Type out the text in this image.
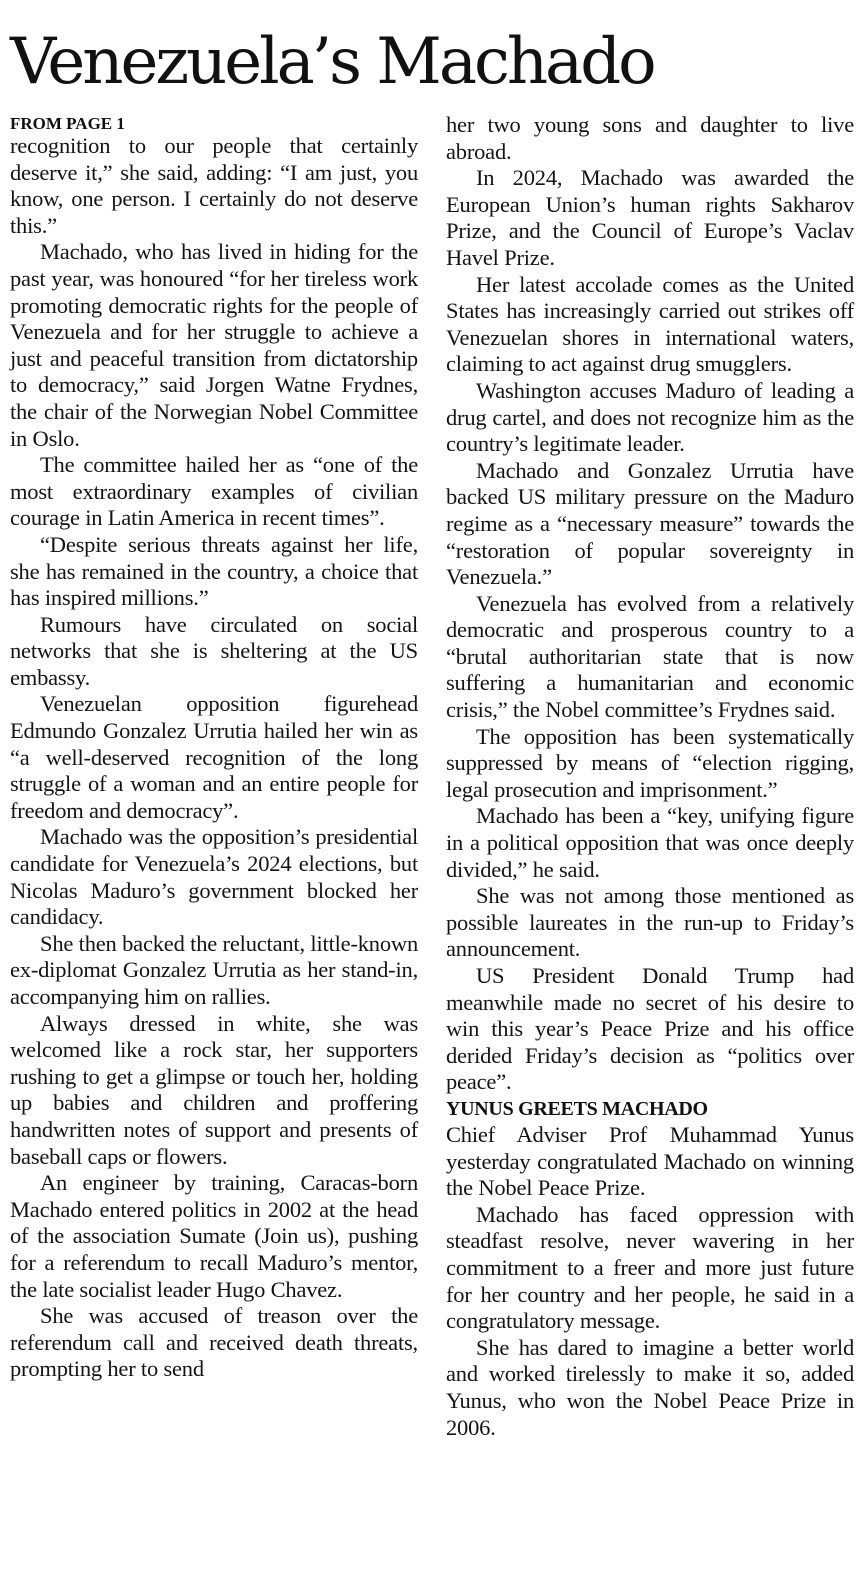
Venezuela’s Machado
FROM PAGE 1

recognition to our people that certainly deserve it,” she said, adding: “I am just, you know, one person. I certainly do not deserve this.”

Machado, who has lived in hiding for the past year, was honoured “for her tireless work promoting democratic rights for the people of Venezuela and for her struggle to achieve a just and peaceful transition from dictatorship to democracy,” said Jorgen Watne Frydnes, the chair of the Norwegian Nobel Committee in Oslo.

The committee hailed her as “one of the most extraordinary examples of civilian courage in Latin America in recent times”.

“Despite serious threats against her life, she has remained in the country, a choice that has inspired millions.”

Rumours have circulated on social networks that she is sheltering at the US embassy.

Venezuelan opposition figurehead Edmundo Gonzalez Urrutia hailed her win as “a well-deserved recognition of the long struggle of a woman and an entire people for freedom and democracy”.

Machado was the opposition’s presidential candidate for Venezuela’s 2024 elections, but Nicolas Maduro’s government blocked her candidacy.

She then backed the reluctant, little-known ex-diplomat Gonzalez Urrutia as her stand-in, accompanying him on rallies.

Always dressed in white, she was welcomed like a rock star, her supporters rushing to get a glimpse or touch her, holding up babies and children and proffering handwritten notes of support and presents of baseball caps or flowers.

An engineer by training, Caracas-born Machado entered politics in 2002 at the head of the association Sumate (Join us), pushing for a referendum to recall Maduro’s mentor, the late socialist leader Hugo Chavez.

She was accused of treason over the referendum call and received death threats, prompting her to send

her two young sons and daughter to live abroad.

In 2024, Machado was awarded the European Union’s human rights Sakharov Prize, and the Council of Europe’s Vaclav Havel Prize.

Her latest accolade comes as the United States has increasingly carried out strikes off Venezuelan shores in international waters, claiming to act against drug smugglers.

Washington accuses Maduro of leading a drug cartel, and does not recognize him as the country’s legitimate leader.

Machado and Gonzalez Urrutia have backed US military pressure on the Maduro regime as a “necessary measure” towards the “restoration of popular sovereignty in Venezuela.”

Venezuela has evolved from a relatively democratic and prosperous country to a “brutal authoritarian state that is now suffering a humanitarian and economic crisis,” the Nobel committee’s Frydnes said.

The opposition has been systematically suppressed by means of “election rigging, legal prosecution and imprisonment.”

Machado has been a “key, unifying figure in a political opposition that was once deeply divided,” he said.

She was not among those mentioned as possible laureates in the run-up to Friday’s announcement.

US President Donald Trump had meanwhile made no secret of his desire to win this year’s Peace Prize and his office derided Friday’s decision as “politics over peace”.

YUNUS GREETS MACHADO

Chief Adviser Prof Muhammad Yunus yesterday congratulated Machado on winning the Nobel Peace Prize.

Machado has faced oppression with steadfast resolve, never wavering in her commitment to a freer and more just future for her country and her people, he said in a congratulatory message.

She has dared to imagine a better world and worked tirelessly to make it so, added Yunus, who won the Nobel Peace Prize in 2006.
